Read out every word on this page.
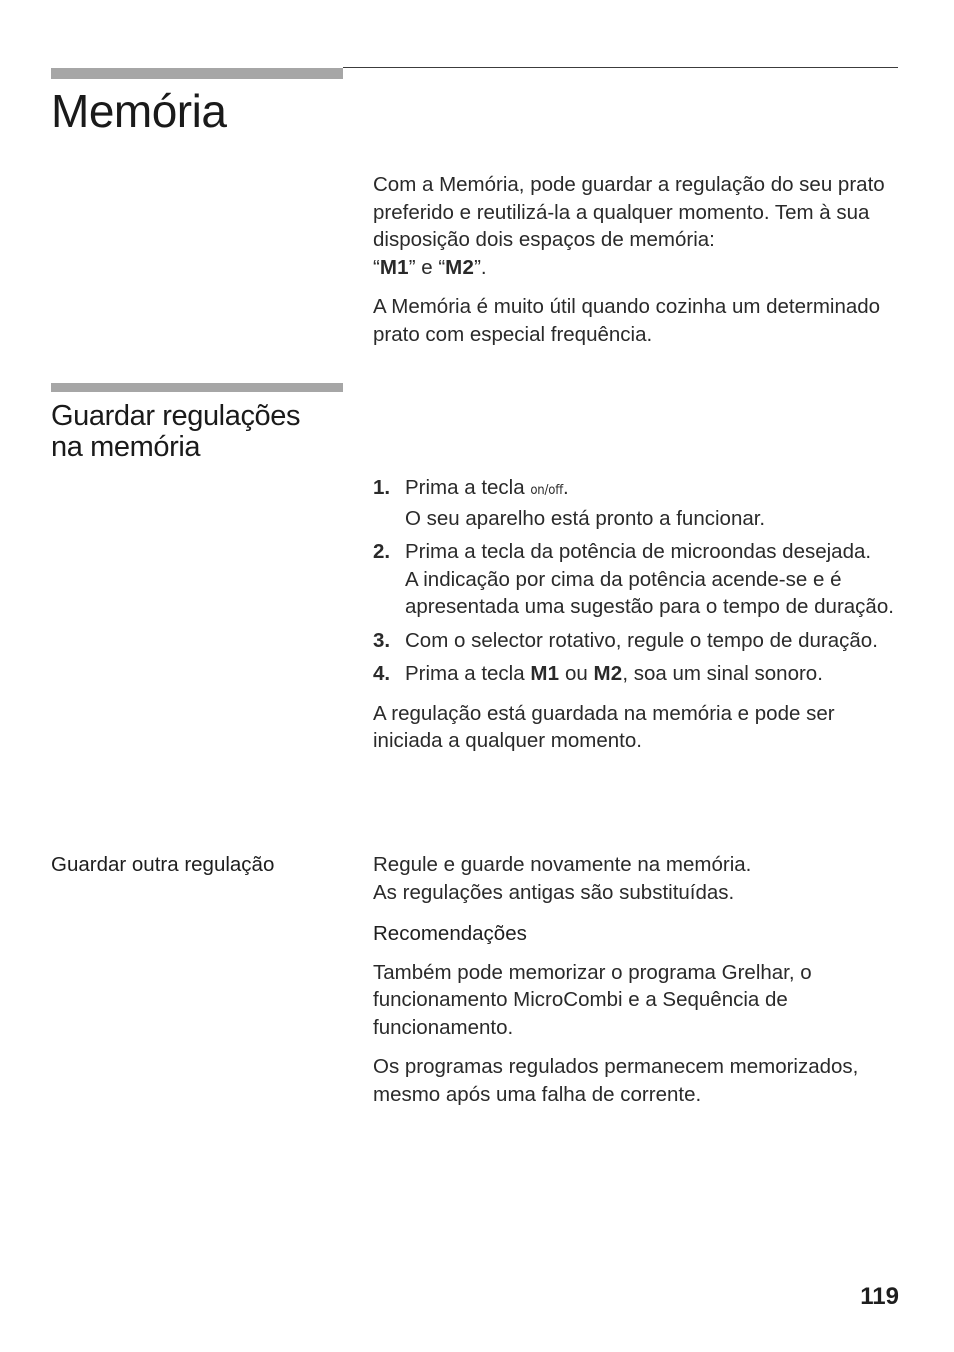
Memória

Com a Memória, pode guardar a regulação do seu prato preferido e reutilizá-la a qualquer momento. Tem à sua disposição dois espaços de memória:
“M1” e “M2”.

A Memória é muito útil quando cozinha um determinado prato com especial frequência.

Guardar regulações
na memória
1. Prima a tecla on/off.
O seu aparelho está pronto a funcionar.
2. Prima a tecla da potência de microondas desejada.
A indicação por cima da potência acende-se e é apresentada uma sugestão para o tempo de duração.
3. Com o selector rotativo, regule o tempo de duração.
4. Prima a tecla M1 ou M2, soa um sinal sonoro.

A regulação está guardada na memória e pode ser iniciada a qualquer momento.

Guardar outra regulação	Regule e guarde novamente na memória.
As regulações antigas são substituídas.

Recomendações

Também pode memorizar o programa Grelhar, o funcionamento MicroCombi e a Sequência de funcionamento.

Os programas regulados permanecem memorizados, mesmo após uma falha de corrente.

119
